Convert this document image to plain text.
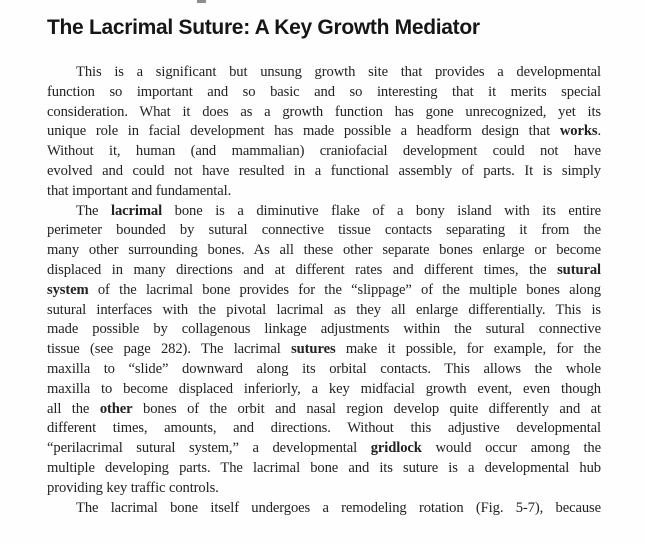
The Lacrimal Suture: A Key Growth Mediator
This is a significant but unsung growth site that provides a developmental
function so important and so basic and so interesting that it merits special
consideration. What it does as a growth function has gone unrecognized, yet its
unique role in facial development has made possible a headform design that works.
Without it, human (and mammalian) craniofacial development could not have
evolved and could not have resulted in a functional assembly of parts. It is simply
that important and fundamental.
The lacrimal bone is a diminutive flake of a bony island with its entire
perimeter bounded by sutural connective tissue contacts separating it from the
many other surrounding bones. As all these other separate bones enlarge or become
displaced in many directions and at different rates and different times, the sutural
system of the lacrimal bone provides for the “slippage” of the multiple bones along
sutural interfaces with the pivotal lacrimal as they all enlarge differentially. This is
made possible by collagenous linkage adjustments within the sutural connective
tissue (see page 282). The lacrimal sutures make it possible, for example, for the
maxilla to “slide” downward along its orbital contacts. This allows the whole
maxilla to become displaced inferiorly, a key midfacial growth event, even though
all the other bones of the orbit and nasal region develop quite differently and at
different times, amounts, and directions. Without this adjustive developmental
“perilacrimal sutural system,” a developmental gridlock would occur among the
multiple developing parts. The lacrimal bone and its suture is a developmental hub
providing key traffic controls.
The lacrimal bone itself undergoes a remodeling rotation (Fig. 5-7), because
